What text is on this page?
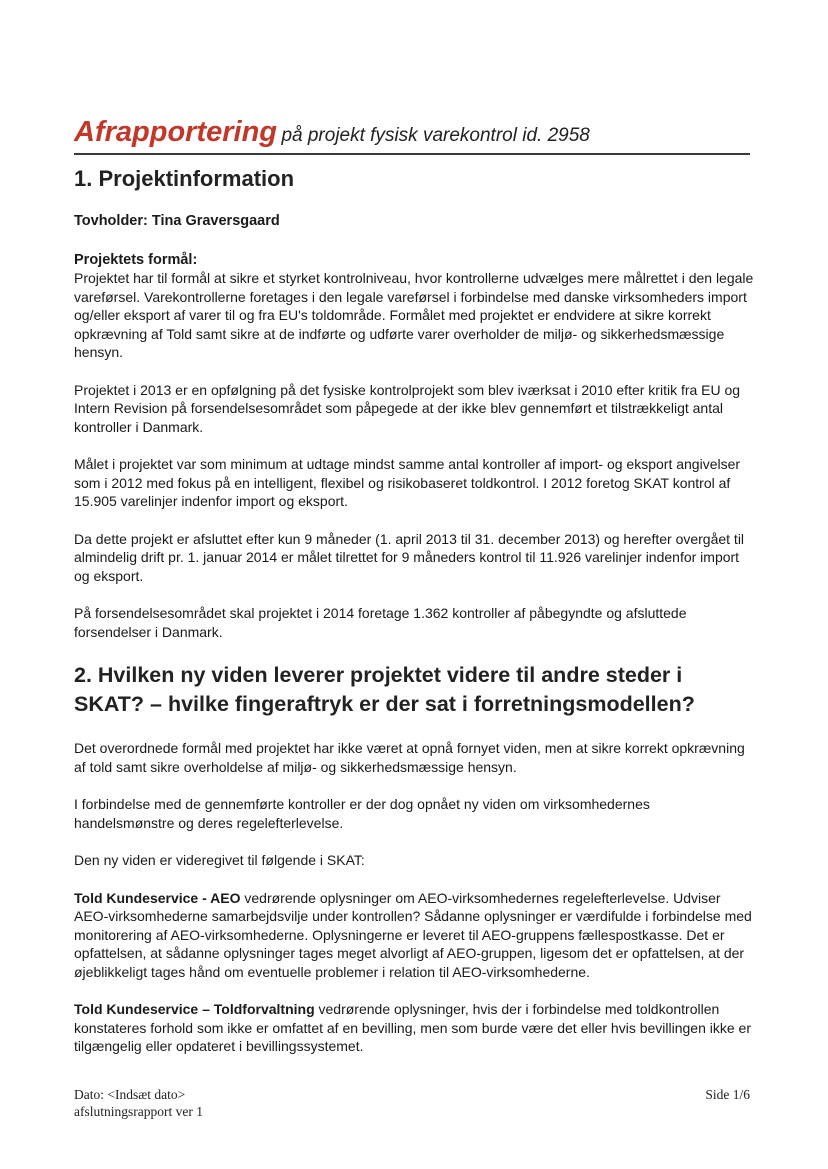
Afrapportering på projekt fysisk varekontrol id. 2958
1. Projektinformation

Tovholder: Tina Graversgaard

Projektets formål:

Projektet har til formål at sikre et styrket kontrolniveau, hvor kontrollerne udvælges mere målrettet i den legale vareførsel. Varekontrollerne foretages i den legale vareførsel i forbindelse med danske virksomheders import og/eller eksport af varer til og fra EU's toldområde. Formålet med projektet er endvidere at sikre korrekt opkrævning af Told samt sikre at de indførte og udførte varer overholder de miljø- og sikkerhedsmæssige hensyn.

Projektet i 2013 er en opfølgning på det fysiske kontrolprojekt som blev iværksat i 2010 efter kritik fra EU og Intern Revision på forsendelsesområdet som påpegede at der ikke blev gennemført et tilstrækkeligt antal kontroller i Danmark.

Målet i projektet var som minimum at udtage mindst samme antal kontroller af import- og eksport angivelser som i 2012 med fokus på en intelligent, flexibel og risikobaseret toldkontrol. I 2012 foretog SKAT kontrol af 15.905 varelinjer indenfor import og eksport.

Da dette projekt er afsluttet efter kun 9 måneder (1. april 2013 til 31. december 2013) og herefter overgået til almindelig drift pr. 1. januar 2014 er målet tilrettet for 9 måneders kontrol til 11.926 varelinjer indenfor import og eksport.

På forsendelsesområdet skal projektet i 2014 foretage 1.362 kontroller af påbegyndte og afsluttede forsendelser i Danmark.

2. Hvilken ny viden leverer projektet videre til andre steder i SKAT? – hvilke fingeraftryk er der sat i forretningsmodellen?

Det overordnede formål med projektet har ikke været at opnå fornyet viden, men at sikre korrekt opkrævning af told samt sikre overholdelse af miljø- og sikkerhedsmæssige hensyn.

I forbindelse med de gennemførte kontroller er der dog opnået ny viden om virksomhedernes handelsmønstre og deres regelefterlevelse.

Den ny viden er videregivet til følgende i SKAT:

Told Kundeservice - AEO vedrørende oplysninger om AEO-virksomhedernes regelefterlevelse. Udviser AEO-virksomhederne samarbejdsvilje under kontrollen? Sådanne oplysninger er værdifulde i forbindelse med monitorering af AEO-virksomhederne. Oplysningerne er leveret til AEO-gruppens fællespostkasse. Det er opfattelsen, at sådanne oplysninger tages meget alvorligt af AEO-gruppen, ligesom det er opfattelsen, at der øjeblikkeligt tages hånd om eventuelle problemer i relation til AEO-virksomhederne.

Told Kundeservice – Toldforvaltning vedrørende oplysninger, hvis der i forbindelse med toldkontrollen konstateres forhold som ikke er omfattet af en bevilling, men som burde være det eller hvis bevillingen ikke er tilgængelig eller opdateret i bevillingssystemet.

Dato: <Indsæt dato>
afslutningsrapport ver 1
Side 1/6
